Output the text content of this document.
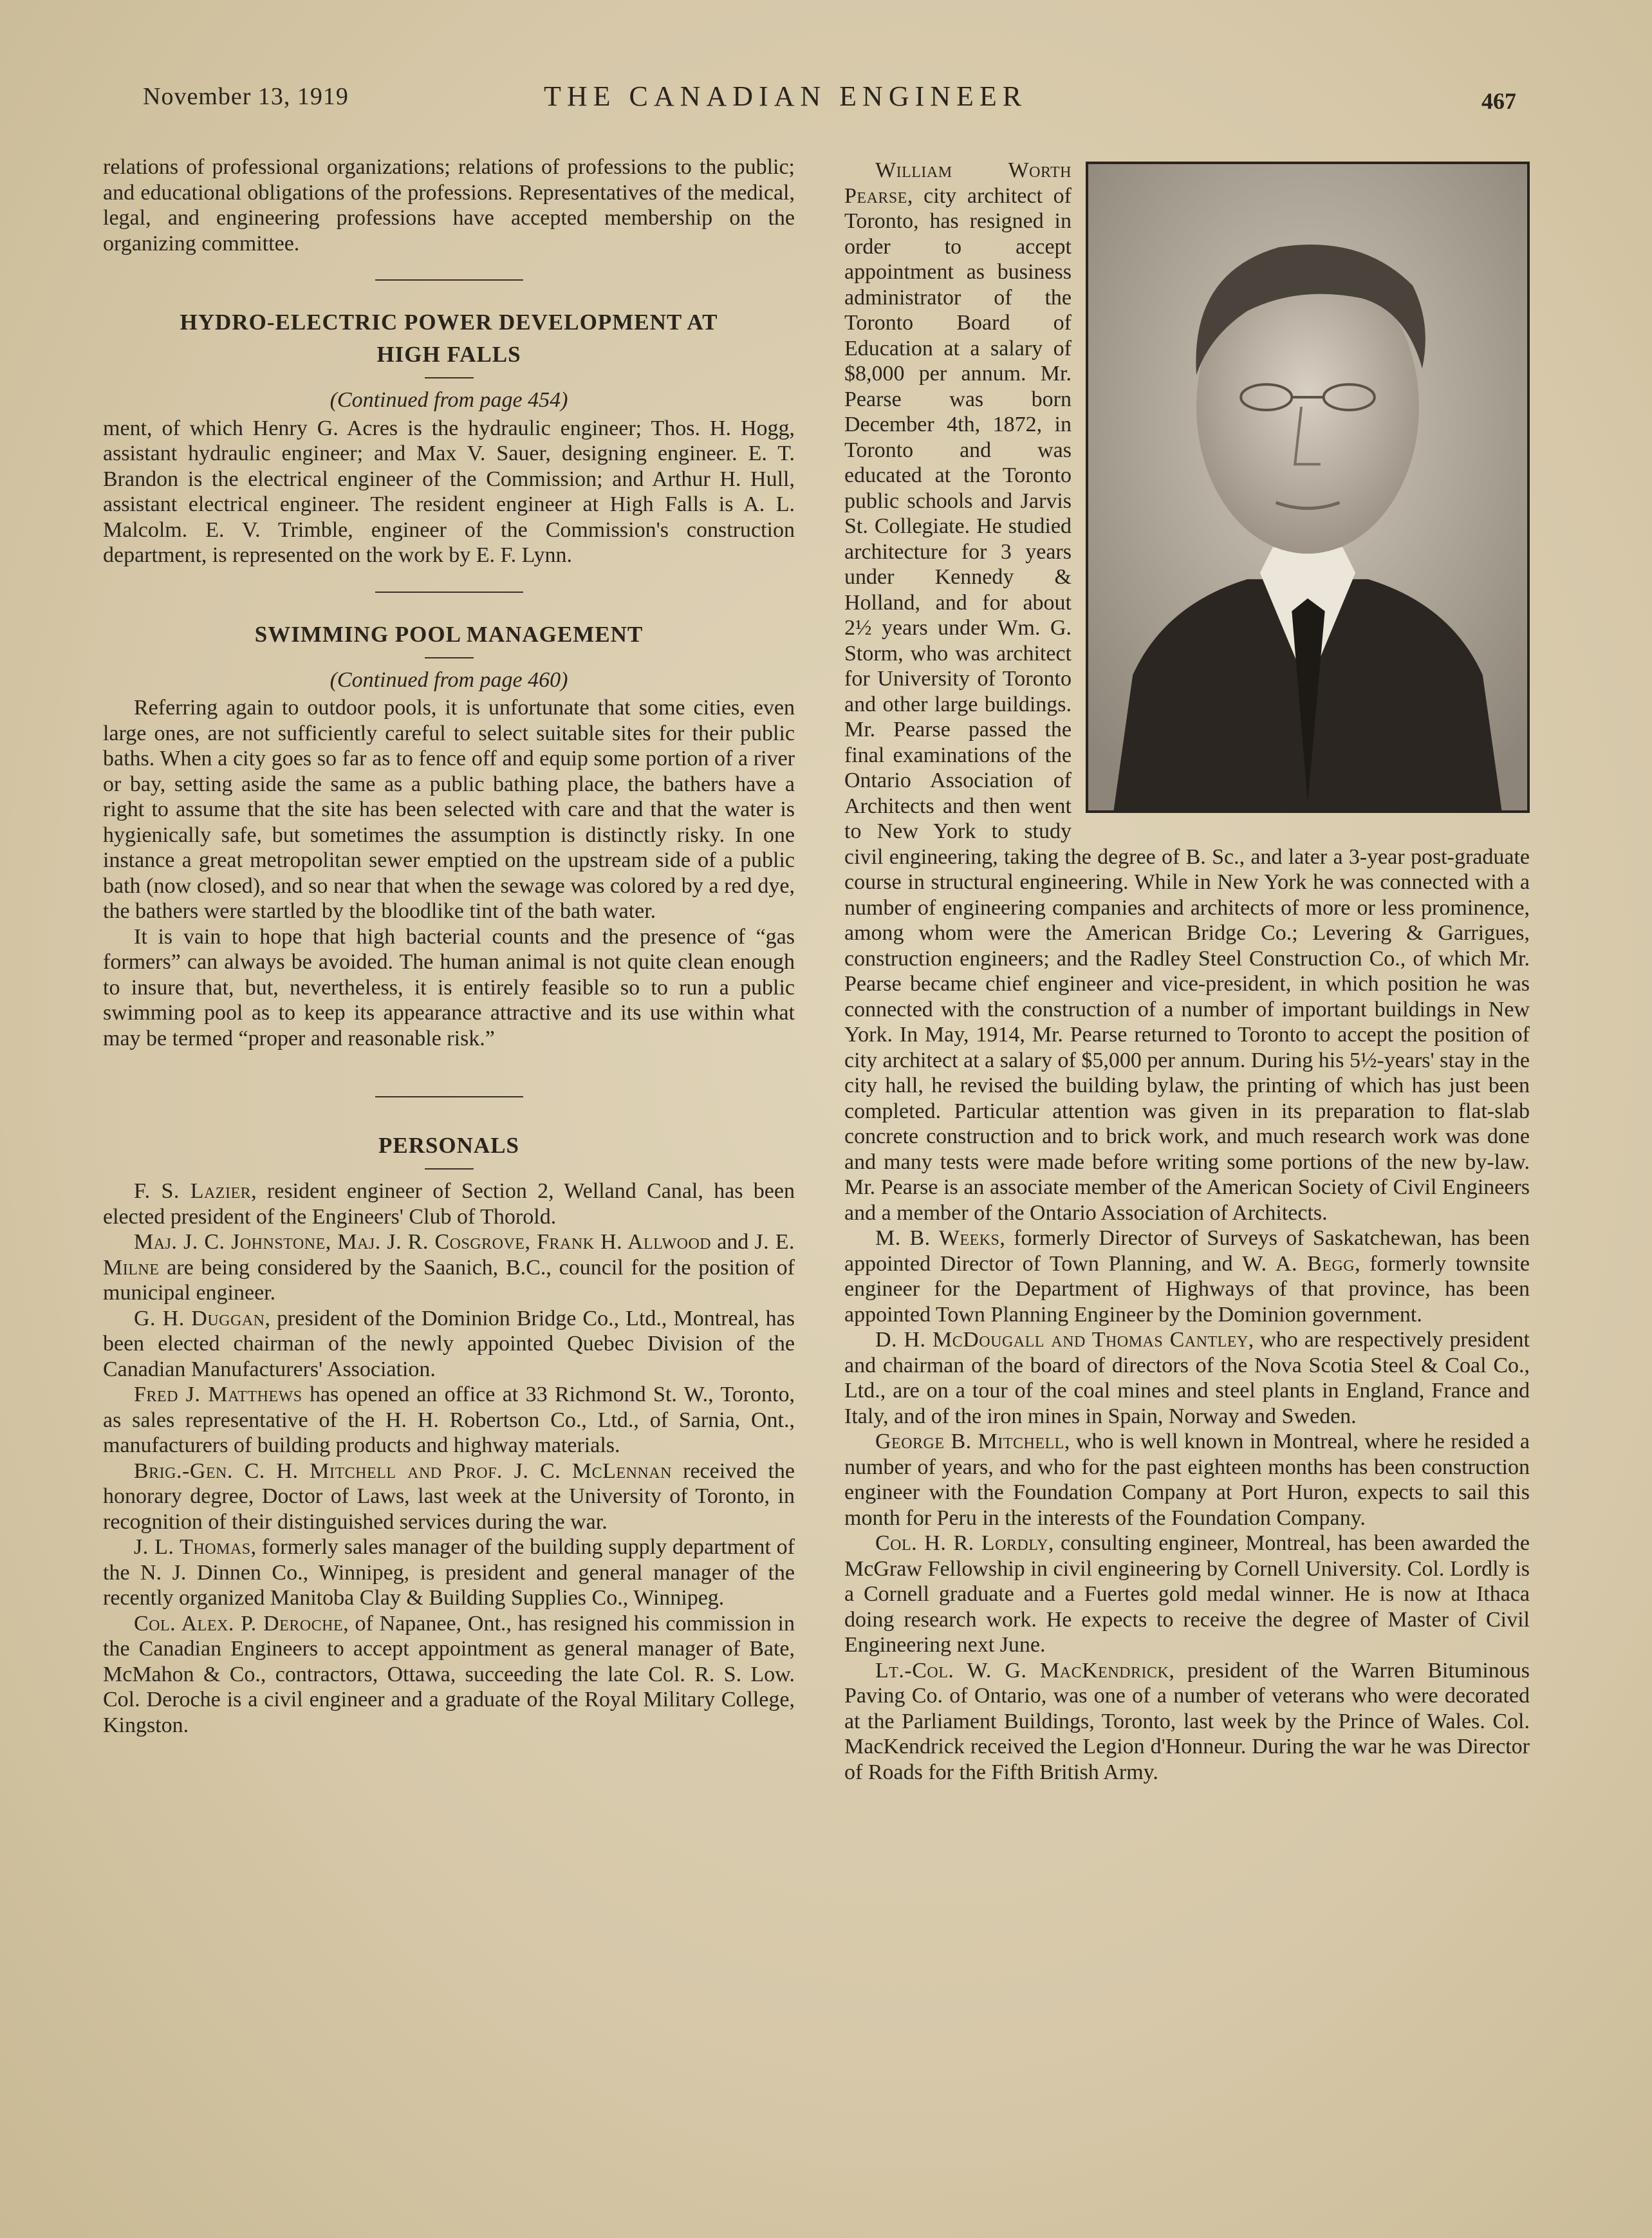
November 13, 1919	THE CANADIAN ENGINEER	467

relations of professional organizations; relations of professions to the public; and educational obligations of the professions. Representatives of the medical, legal, and engineering professions have accepted membership on the organizing committee.

HYDRO-ELECTRIC POWER DEVELOPMENT AT

HIGH FALLS

(Continued from page 454)

ment, of which Henry G. Acres is the hydraulic engineer; Thos. H. Hogg, assistant hydraulic engineer; and Max V. Sauer, designing engineer. E. T. Brandon is the electrical engineer of the Commission; and Arthur H. Hull, assistant electrical engineer. The resident engineer at High Falls is A. L. Malcolm. E. V. Trimble, engineer of the Commission's construction department, is represented on the work by E. F. Lynn.

SWIMMING POOL MANAGEMENT

(Continued from page 460)

Referring again to outdoor pools, it is unfortunate that some cities, even large ones, are not sufficiently careful to select suitable sites for their public baths. When a city goes so far as to fence off and equip some portion of a river or bay, setting aside the same as a public bathing place, the bathers have a right to assume that the site has been selected with care and that the water is hygienically safe, but sometimes the assumption is distinctly risky. In one instance a great metropolitan sewer emptied on the upstream side of a public bath (now closed), and so near that when the sewage was colored by a red dye, the bathers were startled by the bloodlike tint of the bath water.

It is vain to hope that high bacterial counts and the presence of “gas formers” can always be avoided. The human animal is not quite clean enough to insure that, but, nevertheless, it is entirely feasible so to run a public swimming pool as to keep its appearance attractive and its use within what may be termed “proper and reasonable risk.”

PERSONALS

F. S. Lazier, resident engineer of Section 2, Welland Canal, has been elected president of the Engineers' Club of Thorold.

Maj. J. C. Johnstone, Maj. J. R. Cosgrove, Frank H. Allwood and J. E. Milne are being considered by the Saanich, B.C., council for the position of municipal engineer.

G. H. Duggan, president of the Dominion Bridge Co., Ltd., Montreal, has been elected chairman of the newly appointed Quebec Division of the Canadian Manufacturers' Association.

Fred J. Matthews has opened an office at 33 Richmond St. W., Toronto, as sales representative of the H. H. Robertson Co., Ltd., of Sarnia, Ont., manufacturers of building products and highway materials.

Brig.-Gen. C. H. Mitchell and Prof. J. C. McLennan received the honorary degree, Doctor of Laws, last week at the University of Toronto, in recognition of their distinguished services during the war.

J. L. Thomas, formerly sales manager of the building supply department of the N. J. Dinnen Co., Winnipeg, is president and general manager of the recently organized Manitoba Clay & Building Supplies Co., Winnipeg.

Col. Alex. P. Deroche, of Napanee, Ont., has resigned his commission in the Canadian Engineers to accept appointment as general manager of Bate, McMahon & Co., contractors, Ottawa, succeeding the late Col. R. S. Low. Col. Deroche is a civil engineer and a graduate of the Royal Military College, Kingston.

William Worth Pearse, city architect of Toronto, has resigned in order to accept appointment as business administrator of the Toronto Board of Education at a salary of $8,000 per annum. Mr. Pearse was born December 4th, 1872, in Toronto and was educated at the Toronto public schools and Jarvis St. Collegiate. He studied architecture for 3 years under Kennedy & Holland, and for about 2½ years under Wm. G. Storm, who was architect for University of Toronto and other large buildings. Mr. Pearse passed the final examinations of the Ontario Association of Architects and then went to New York to study civil engineering, taking the degree of B. Sc., and later a 3-year post-graduate course in structural engineering. While in New York he was connected with a number of engineering companies and architects of more or less prominence, among whom were the American Bridge Co.; Levering & Garrigues, construction engineers; and the Radley Steel Construction Co., of which Mr. Pearse became chief engineer and vice-president, in which position he was connected with the construction of a number of important buildings in New York. In May, 1914, Mr. Pearse returned to Toronto to accept the position of city architect at a salary of $5,000 per annum. During his 5½-years' stay in the city hall, he revised the building bylaw, the printing of which has just been completed. Particular attention was given in its preparation to flat-slab concrete construction and to brick work, and much research work was done and many tests were made before writing some portions of the new by-law. Mr. Pearse is an associate member of the American Society of Civil Engineers and a member of the Ontario Association of Architects.

M. B. Weeks, formerly Director of Surveys of Saskatchewan, has been appointed Director of Town Planning, and W. A. Begg, formerly townsite engineer for the Department of Highways of that province, has been appointed Town Planning Engineer by the Dominion government.

D. H. McDougall and Thomas Cantley, who are respectively president and chairman of the board of directors of the Nova Scotia Steel & Coal Co., Ltd., are on a tour of the coal mines and steel plants in England, France and Italy, and of the iron mines in Spain, Norway and Sweden.

George B. Mitchell, who is well known in Montreal, where he resided a number of years, and who for the past eighteen months has been construction engineer with the Foundation Company at Port Huron, expects to sail this month for Peru in the interests of the Foundation Company.

Col. H. R. Lordly, consulting engineer, Montreal, has been awarded the McGraw Fellowship in civil engineering by Cornell University. Col. Lordly is a Cornell graduate and a Fuertes gold medal winner. He is now at Ithaca doing research work. He expects to receive the degree of Master of Civil Engineering next June.

Lt.-Col. W. G. MacKendrick, president of the Warren Bituminous Paving Co. of Ontario, was one of a number of veterans who were decorated at the Parliament Buildings, Toronto, last week by the Prince of Wales. Col. MacKendrick received the Legion d'Honneur. During the war he was Director of Roads for the Fifth British Army.
